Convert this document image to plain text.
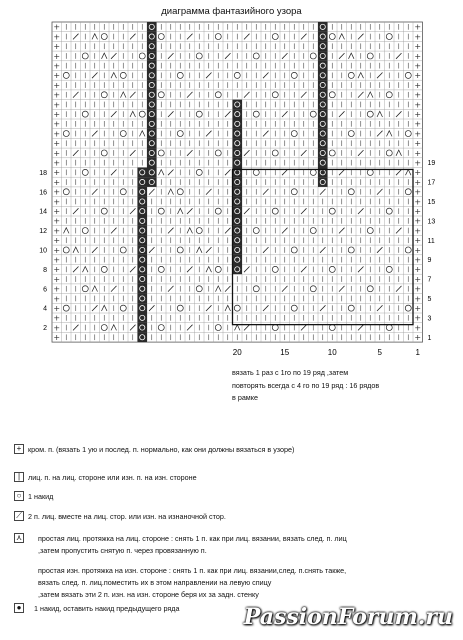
диаграмма фантазийного узора
+	+
+	+
+	+
+	+
+	+
+	+
+	+
+	+
+	+
+	+
+	+
+	+
+	+
+	+
+	+
+	+
+	+
+	+
+	+
+	+
+	+
+	+
+	+
+	+
+	+
+	+
+	+
+	+
+	+
+	+
+	+
+	+
+	+
18
16
14
12
10
8
6
4
2
19
17
15
13
11
9
7
5
3
1
20	15	10	5	1
вязать 1 раз с 1го по 19 ряд ,затем
повторять всегда с 4 го по 19 ряд : 16 рядов
в рамке
+ кром. п. (вязать 1 ую и послед. п. нормально, как они должны вязаться в узоре)
|	лиц. п. на лиц. стороне или изн. п. на изн. стороне
○ 1 накид
⟋ 2 п. лиц. вместе на лиц. стор. или изн. на изнаночной стор.
⋏ простая лиц. протяжка на лиц. стороне : снять 1 п. как при лиц. вязании, вязать след. п. лиц
,затем пропустить снятую п. через провязанную п.
простая изн. протяжка на изн. стороне : снять 1 п. как при лиц. вязании,след. п.снять также,
вязать след. п. лиц.поместить их в этом направлении на левую спицу
,затем вязать эти 2 п. изн. на изн. стороне беря их за задн. стенку
●	1 накид, оставить накид предыдущего ряда	PassionForum.ru
